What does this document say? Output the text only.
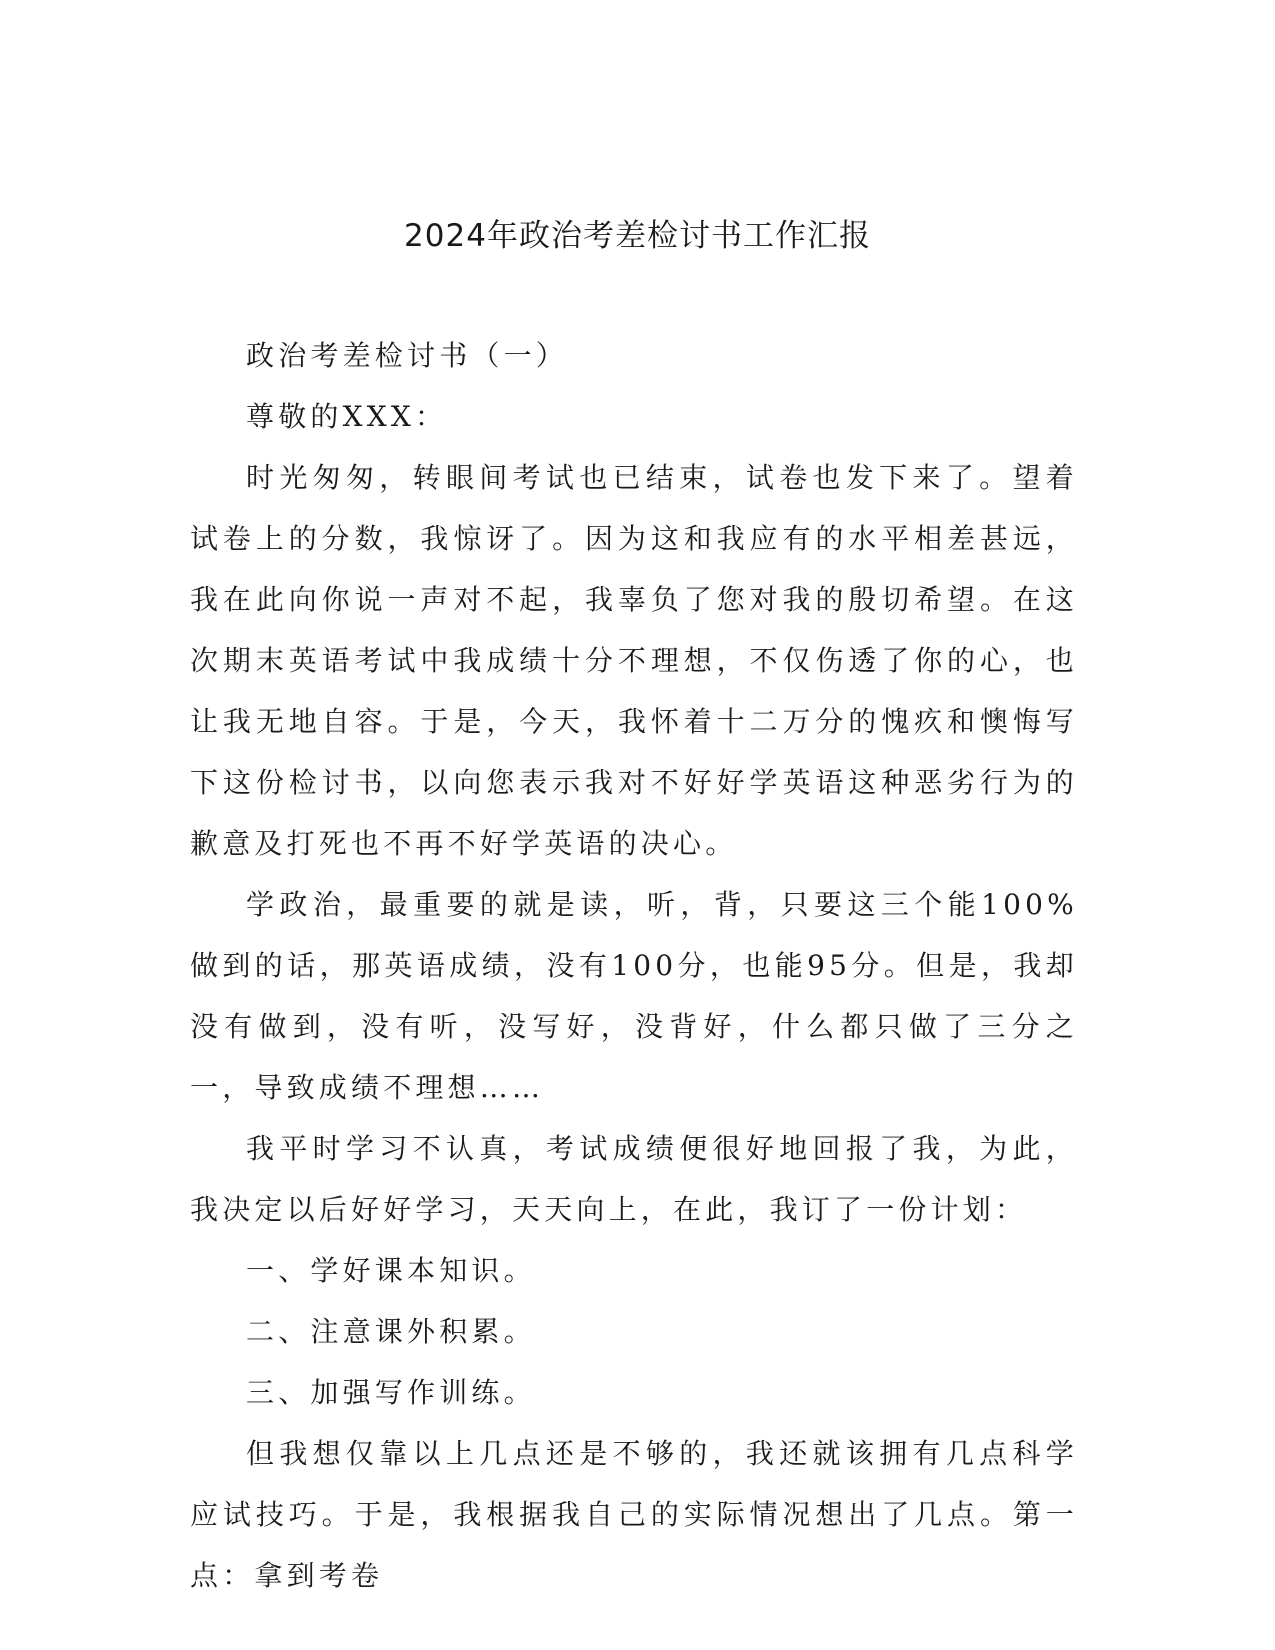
2024年政治考差检讨书工作汇报

政治考差检讨书（一）

尊敬的XXX：

时光匆匆，转眼间考试也已结束，试卷也发下来了。望着试卷上的分数，我惊讶了。因为这和我应有的水平相差甚远，我在此向你说一声对不起，我辜负了您对我的殷切希望。在这次期末英语考试中我成绩十分不理想，不仅伤透了你的心，也让我无地自容。于是，今天，我怀着十二万分的愧疚和懊悔写下这份检讨书，以向您表示我对不好好学英语这种恶劣行为的歉意及打死也不再不好学英语的决心。

学政治，最重要的就是读，听，背，只要这三个能100%做到的话，那英语成绩，没有100分，也能95分。但是，我却没有做到，没有听，没写好，没背好，什么都只做了三分之一，导致成绩不理想……

我平时学习不认真，考试成绩便很好地回报了我，为此，我决定以后好好学习，天天向上，在此，我订了一份计划：

一、学好课本知识。

二、注意课外积累。

三、加强写作训练。

但我想仅靠以上几点还是不够的，我还就该拥有几点科学应试技巧。于是，我根据我自己的实际情况想出了几点。第一点：拿到考卷
